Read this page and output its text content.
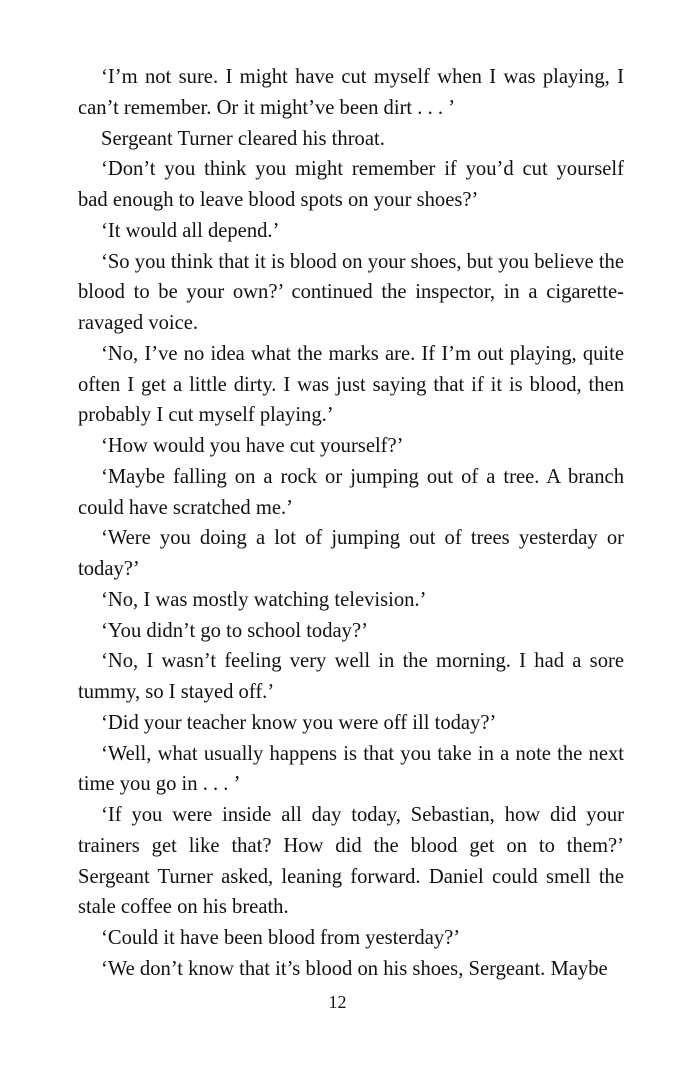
‘I’m not sure. I might have cut myself when I was playing, I can’t remember. Or it might’ve been dirt . . . ’

Sergeant Turner cleared his throat.

‘Don’t you think you might remember if you’d cut yourself bad enough to leave blood spots on your shoes?’

‘It would all depend.’

‘So you think that it is blood on your shoes, but you believe the blood to be your own?’ continued the inspector, in a cigarette-ravaged voice.

‘No, I’ve no idea what the marks are. If I’m out playing, quite often I get a little dirty. I was just saying that if it is blood, then probably I cut myself playing.’

‘How would you have cut yourself?’

‘Maybe falling on a rock or jumping out of a tree. A branch could have scratched me.’

‘Were you doing a lot of jumping out of trees yesterday or today?’

‘No, I was mostly watching television.’

‘You didn’t go to school today?’

‘No, I wasn’t feeling very well in the morning. I had a sore tummy, so I stayed off.’

‘Did your teacher know you were off ill today?’

‘Well, what usually happens is that you take in a note the next time you go in . . . ’

‘If you were inside all day today, Sebastian, how did your trainers get like that? How did the blood get on to them?’ Sergeant Turner asked, leaning forward. Daniel could smell the stale coffee on his breath.

‘Could it have been blood from yesterday?’

‘We don’t know that it’s blood on his shoes, Sergeant. Maybe

12
